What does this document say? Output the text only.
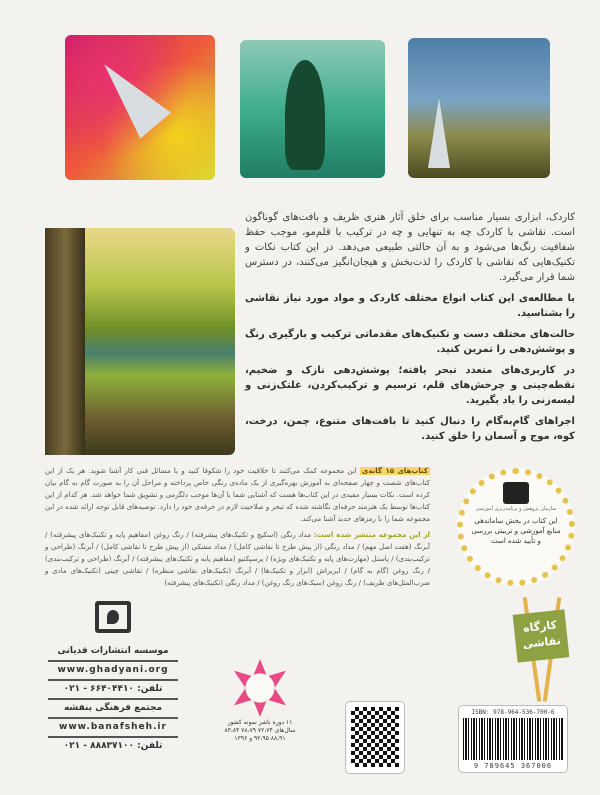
کاردک، ابزاری بسیار مناسب برای خلق آثار هنری ظریف و بافت‌های گوناگون است. نقاشی با کاردک چه به تنهایی و چه در ترکیب با قلم‌مو، موجب حفظ شفافیت رنگ‌ها می‌شود و به آن حالتی طبیعی می‌دهد. در این کتاب نکات و تکنیک‌هایی که نقاشی با کاردک را لذت‌بخش و هیجان‌انگیز می‌کنند، در دسترس شما قرار می‌گیرد.

با مطالعه‌ی این کتاب انواع مختلف کاردک و مواد مورد نیاز نقاشی را بشناسید.

حالت‌های مختلف دست و تکنیک‌های مقدماتی ترکیب و بارگیری رنگ و پوشش‌دهی را تمرین کنید.

در کاربری‌های متعدد تبحر یافته؛ پوشش‌دهی نازک و ضخیم، نقطه‌چینی و چرخش‌های قلم، ترسیم و ترکیب‌کردن، غلتک‌زنی و لیسه‌زنی را یاد بگیرید.

اجراهای گام‌به‌گام را دنبال کنید تا بافت‌های متنوع، چمن، درخت، کوه، موج و آسمان را خلق کنید.

کتاب‌های ۱۵ گانه‌ی این مجموعه کمک می‌کنند تا خلاقیت خود را شکوفا کنید و با مسائل فنی کار آشنا شوید. هر یک از این کتاب‌های شصت و چهار صفحه‌ای به آموزش بهره‌گیری از یک ماده‌ی رنگی خاص پرداخته و مراحل آن را به صورت گام به گام بیان کرده است. نکات بسیار مفیدی در این کتاب‌ها هست که آشنایی شما با آن‌ها موجب دلگرمی و تشویق شما خواهد شد. هر کدام از این کتاب‌ها توسط یک هنرمند حرفه‌ای نگاشته شده که تبحر و صلاحیت لازم در حرفه‌ی خود را دارد. توصیه‌های قابل توجه ارائه شده در این مجموعه شما را با رمزهای جدید آشنا می‌کند.

از این مجموعه منتشر شده است: مداد رنگی (اسکیچ و تکنیک‌های پیشرفته) / رنگ روغن (مفاهیم پایه و تکنیک‌های پیشرفته) / آبرنگ (هفت اصل مهم) / مداد رنگی (از پیش طرح تا نقاشی کامل) / مداد مشکی (از پیش طرح تا نقاشی کامل) / آبرنگ (طراحی و ترکیب‌بندی) / پاستل (مهارت‌های پایه و تکنیک‌های ویژه) / پرسپکتیو (مفاهیم پایه و تکنیک‌های پیشرفته) / آبرنگ (طراحی و ترکیب‌بندی) / رنگ روغن (گام به گام) / ایربراش (ابزار و تکنیک‌ها) / آبرنگ (تکنیک‌های نقاشی منظره) / نقاشی چینی (تکنیک‌های مادی و ضرب‌المثل‌های ظریف) / رنگ روغن (سبک‌های رنگ روغن) / مداد رنگی (تکنیک‌های پیشرفته)

سازمان پژوهش و برنامه‌ریزی آموزشی
این کتاب در بخش ساماندهی منابع آموزشی و تربیتی بررسی و تأیید شده است
کارگاه نقاشی
ISBN: 978-964-536-700-6
9 789645 367006
۱۱ دوره ناشر نمونه کشور سال‌های ۷۲،۷۴ ۷۸،۷۹ ۸۳،۸۴ ۸۸،۹۱ ۹۲،۹۵ و ۱۳۹۶
موسسه انتشارات قدیانی
www.ghadyani.org
تلفن: ۶۶۴۰۴۴۱۰ - ۰۲۱
مجتمع فرهنگی بنفشه
www.banafsheh.ir
تلفن: ۸۸۸۳۷۱۰۰ - ۰۲۱
